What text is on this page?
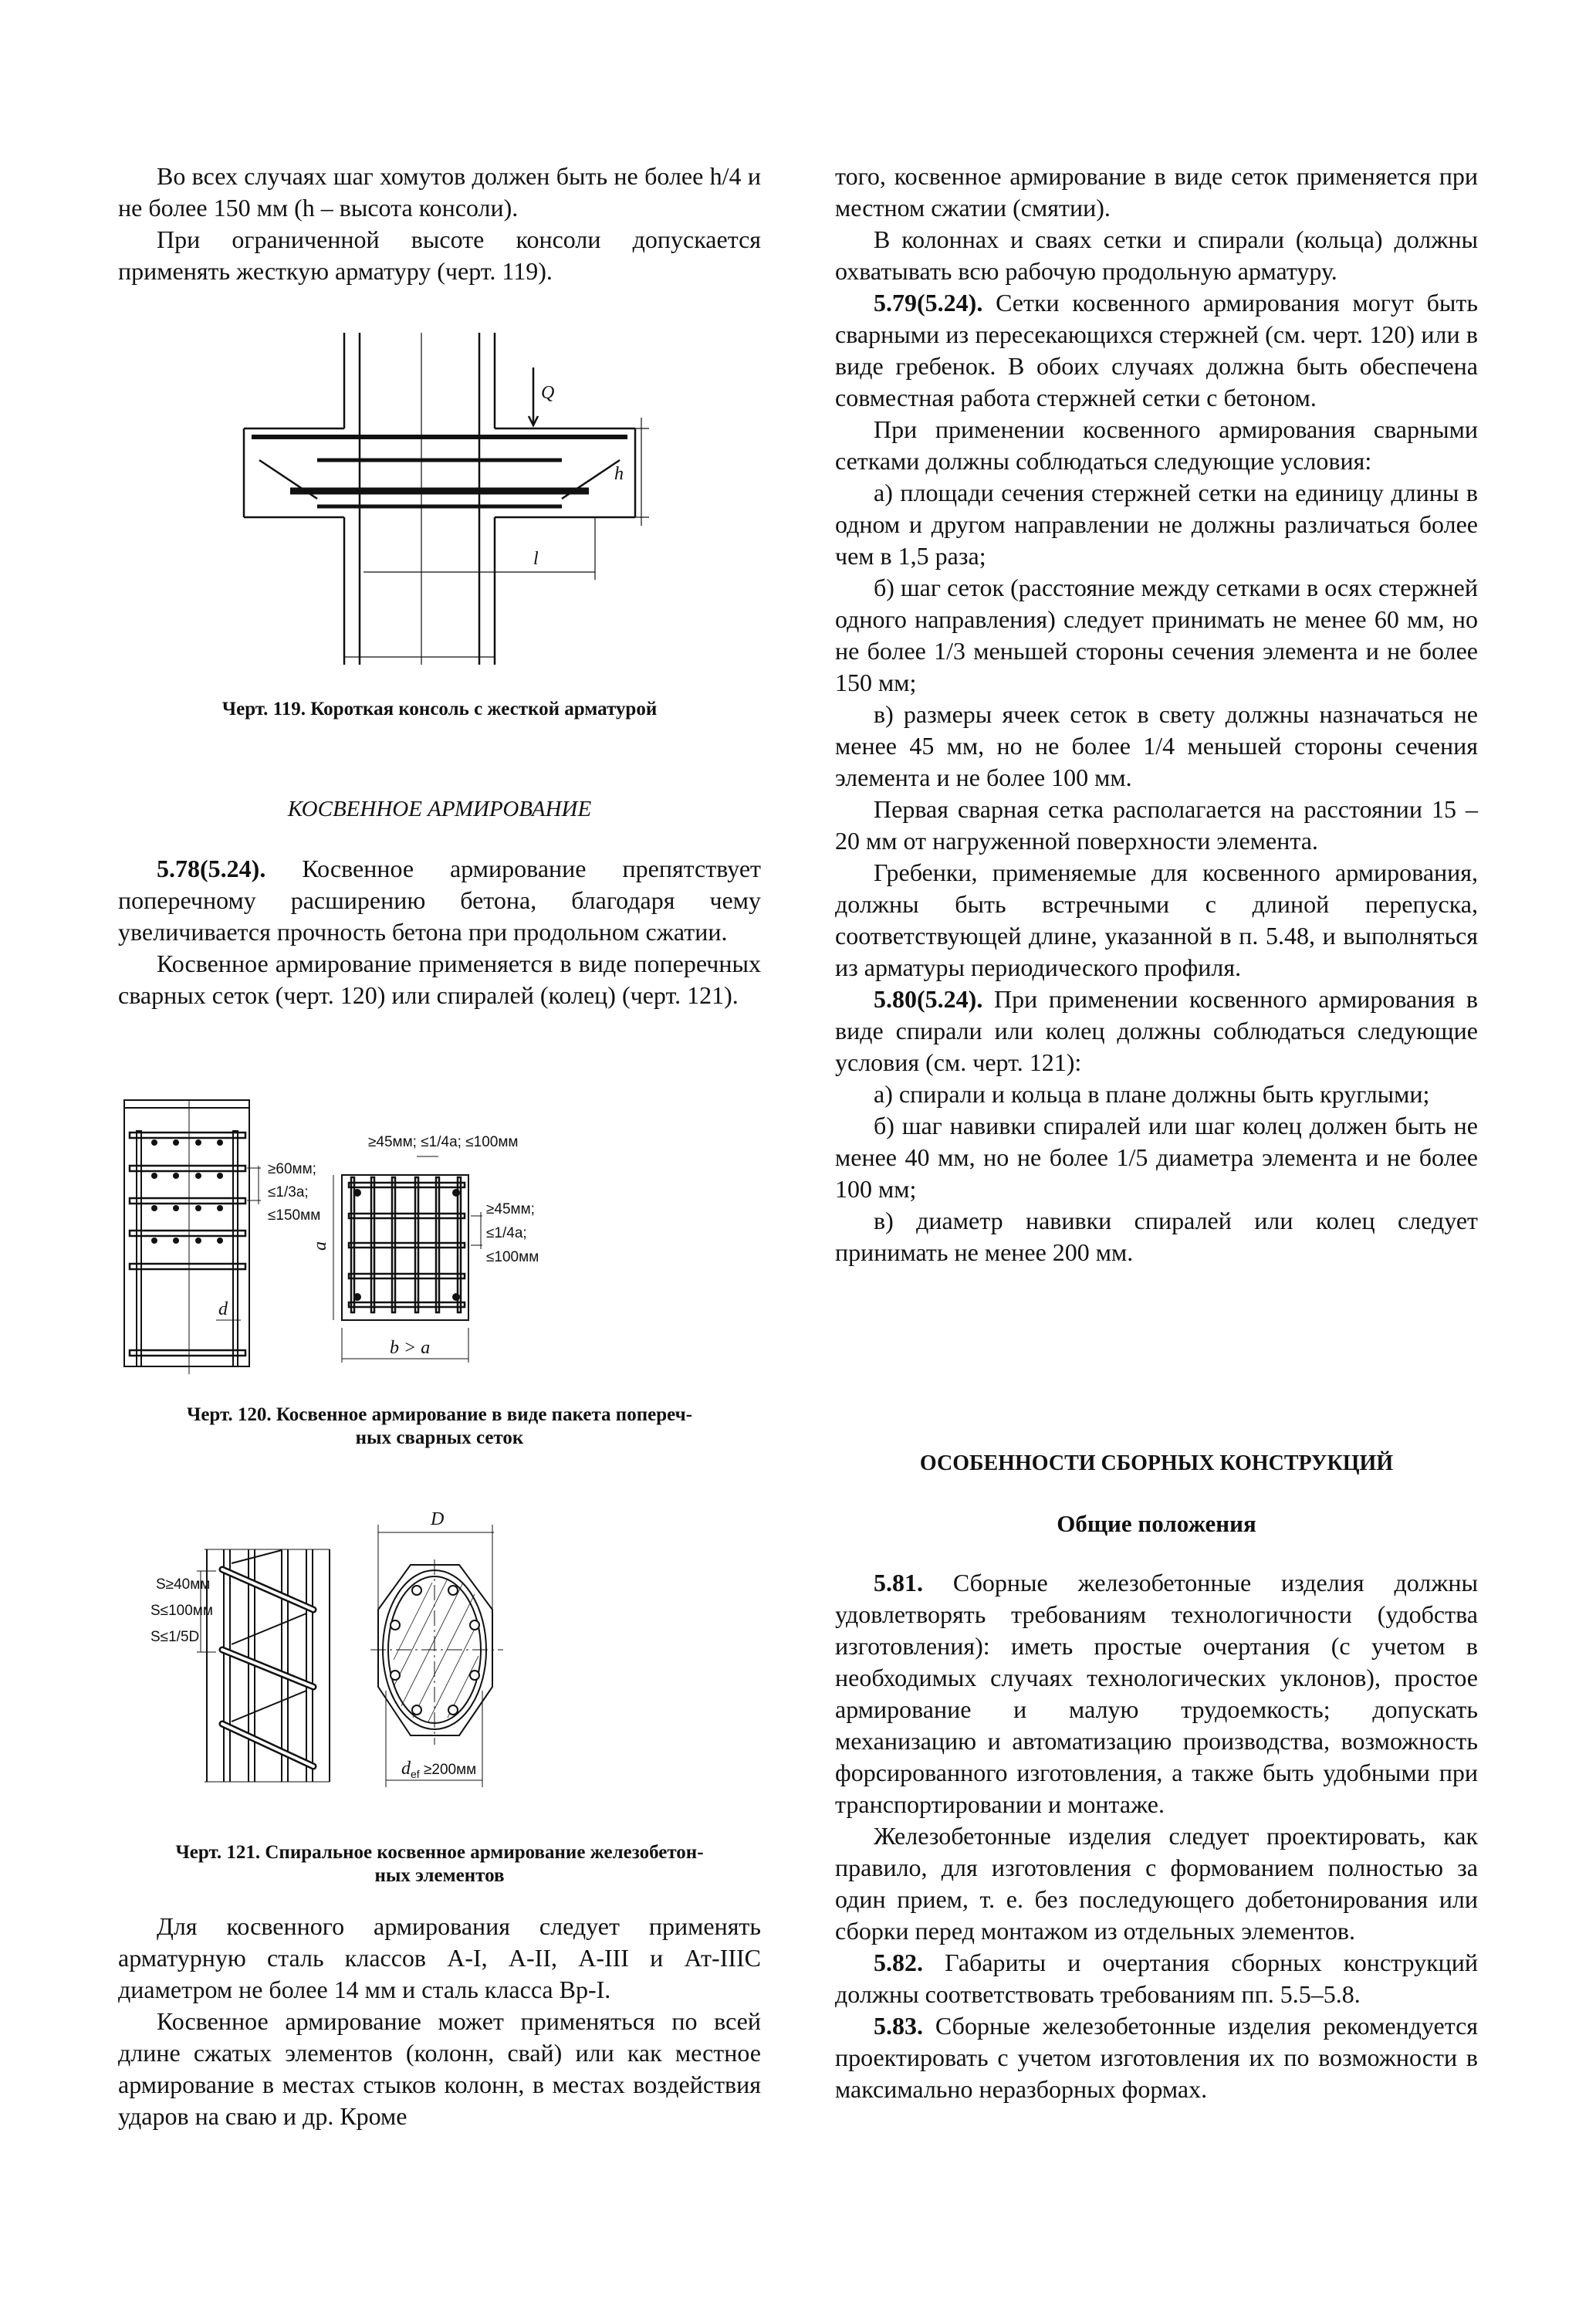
Во всех случаях шаг хомутов должен быть не более h/4 и не более 150 мм (h – высота консоли).

При ограниченной высоте консоли допускается применять жесткую арматуру (черт. 119).

Q
h
l
Черт. 119. Короткая консоль с жесткой арматурой
КОСВЕННОЕ АРМИРОВАНИЕ

5.78(5.24). Косвенное армирование препятствует поперечному расширению бетона, благодаря чему увеличивается прочность бетона при продольном сжатии.

Косвенное армирование применяется в виде поперечных сварных сеток (черт. 120) или спиралей (колец) (черт. 121).

≥60мм;
≤1/3a;
≤150мм
d
≥45мм; ≤1/4a; ≤100мм
≥45мм;
≤1/4a;
≤100мм
a
b > a
Черт. 120. Косвенное армирование в виде пакета попереч-
ных сварных сеток
S≥40мм
S≤100мм
S≤1/5D
D
$d_{ef} \ge 200мм$
Черт. 121. Спиральное косвенное армирование железобетон-
ных элементов

Для косвенного армирования следует применять арматурную сталь классов А-I, А-II, А-III и Ат-IIIС диаметром не более 14 мм и сталь класса Вр-I.

Косвенное армирование может применяться по всей длине сжатых элементов (колонн, свай) или как местное армирование в местах стыков колонн, в местах воздействия ударов на сваю и др. Кроме

того, косвенное армирование в виде сеток применяется при местном сжатии (смятии).

В колоннах и сваях сетки и спирали (кольца) должны охватывать всю рабочую продольную арматуру.

5.79(5.24). Сетки косвенного армирования могут быть сварными из пересекающихся стержней (см. черт. 120) или в виде гребенок. В обоих случаях должна быть обеспечена совместная работа стержней сетки с бетоном.

При применении косвенного армирования сварными сетками должны соблюдаться следующие условия:

а) площади сечения стержней сетки на единицу длины в одном и другом направлении не должны различаться более чем в 1,5 раза;

б) шаг сеток (расстояние между сетками в осях стержней одного направления) следует принимать не менее 60 мм, но не более 1/3 меньшей стороны сечения элемента и не более 150 мм;

в) размеры ячеек сеток в свету должны назначаться не менее 45 мм, но не более 1/4 меньшей стороны сечения элемента и не более 100 мм.

Первая сварная сетка располагается на расстоянии 15 – 20 мм от нагруженной поверхности элемента.

Гребенки, применяемые для косвенного армирования, должны быть встречными с длиной перепуска, соответствующей длине, указанной в п. 5.48, и выполняться из арматуры периодического профиля.

5.80(5.24). При применении косвенного армирования в виде спирали или колец должны соблюдаться следующие условия (см. черт. 121):

а) спирали и кольца в плане должны быть круглыми;

б) шаг навивки спиралей или шаг колец должен быть не менее 40 мм, но не более 1/5 диаметра элемента и не более 100 мм;

в) диаметр навивки спиралей или колец следует принимать не менее 200 мм.

ОСОБЕННОСТИ СБОРНЫХ КОНСТРУКЦИЙ
Общие положения

5.81. Сборные железобетонные изделия должны удовлетворять требованиям технологичности (удобства изготовления): иметь простые очертания (с учетом в необходимых случаях технологических уклонов), простое армирование и малую трудоемкость; допускать механизацию и автоматизацию производства, возможность форсированного изготовления, а также быть удобными при транспортировании и монтаже.

Железобетонные изделия следует проектировать, как правило, для изготовления с формованием полностью за один прием, т. е. без последующего добетонирования или сборки перед монтажом из отдельных элементов.

5.82. Габариты и очертания сборных конструкций должны соответствовать требованиям пп. 5.5–5.8.

5.83. Сборные железобетонные изделия рекомендуется проектировать с учетом изготовления их по возможности в максимально неразборных формах.
